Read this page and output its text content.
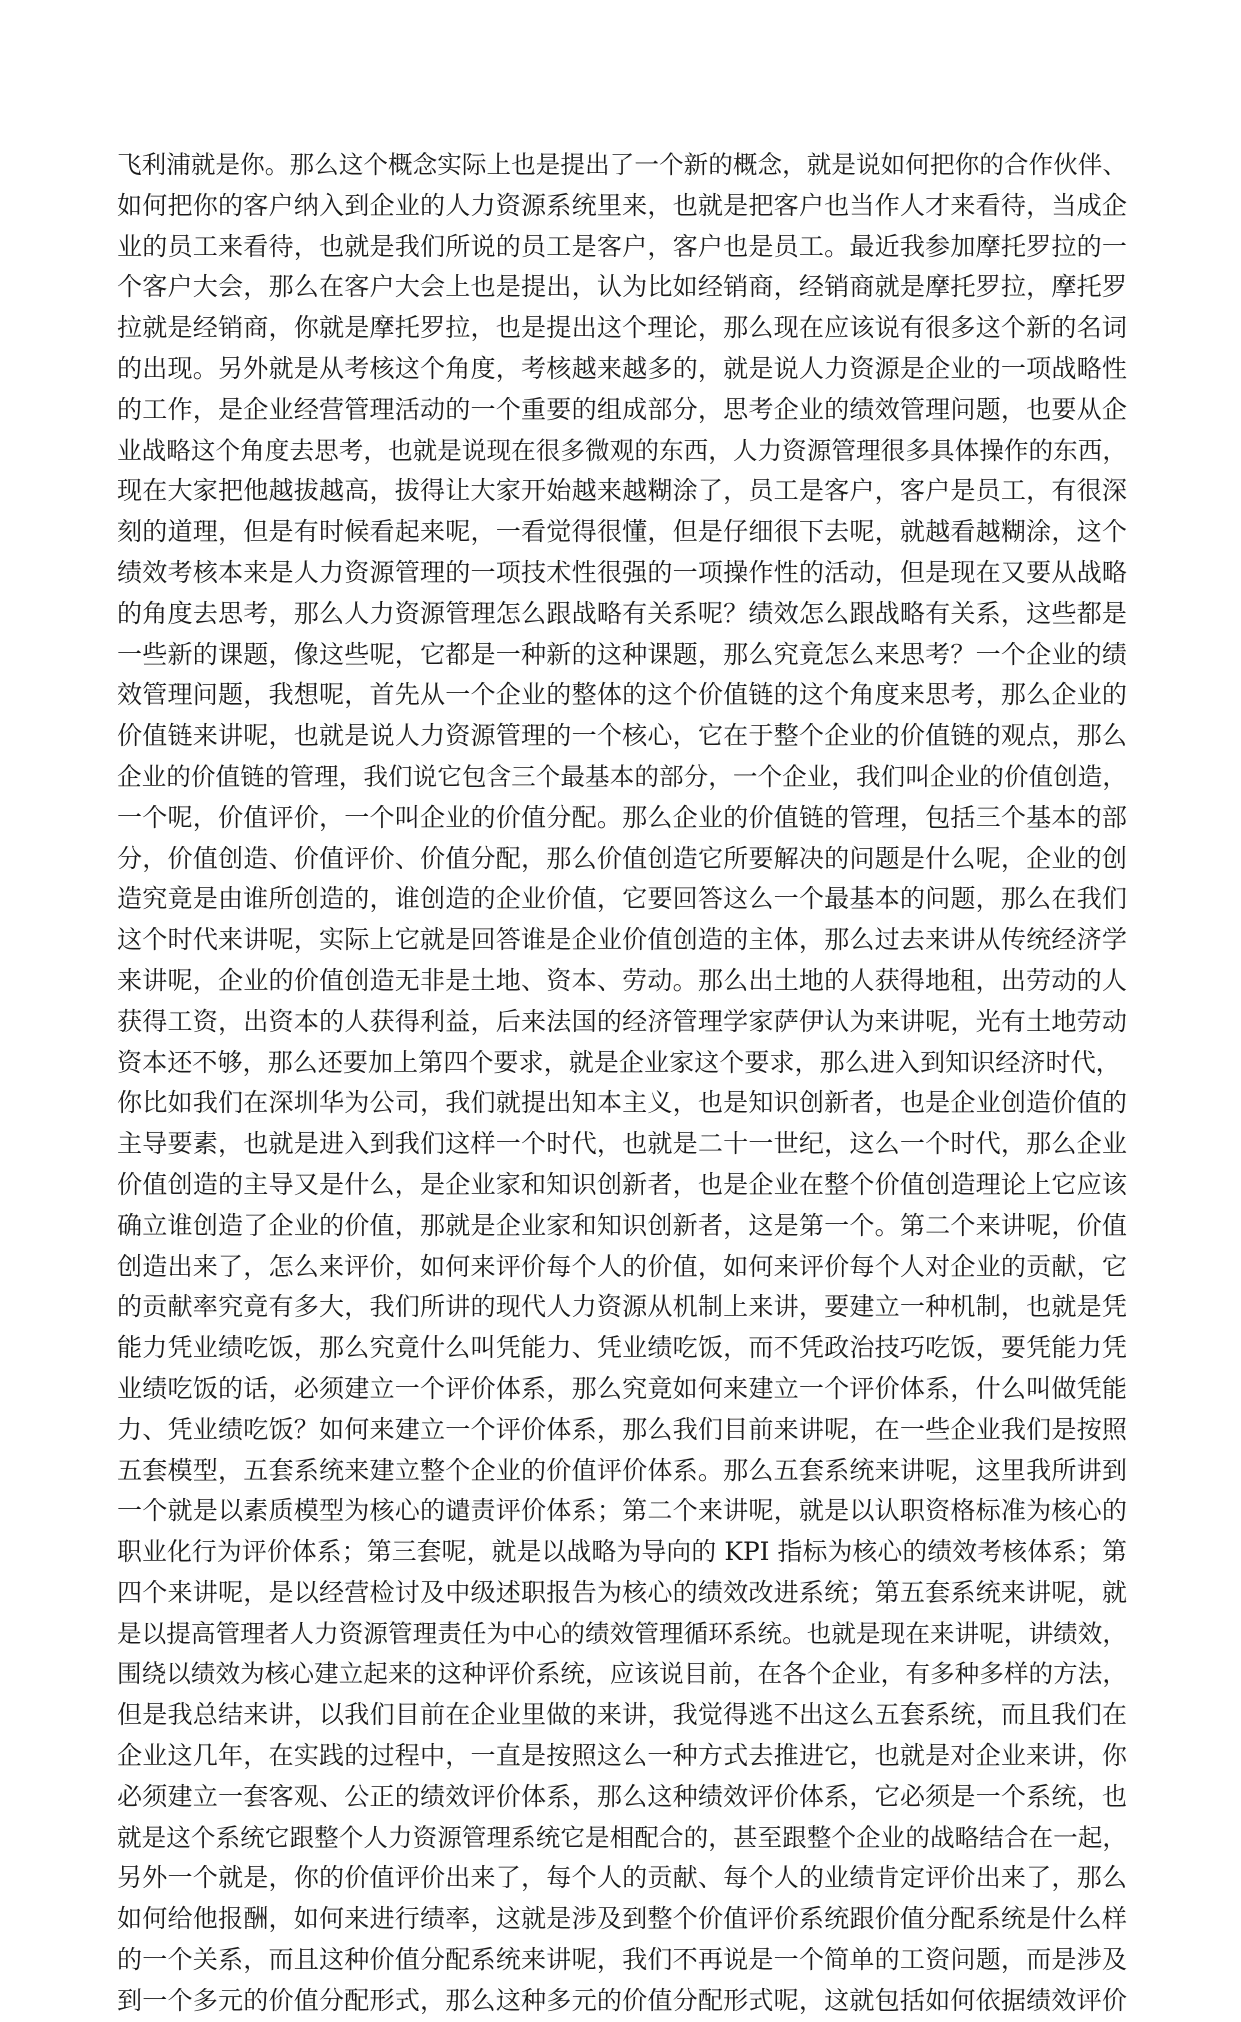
飞利浦就是你。那么这个概念实际上也是提出了一个新的概念，就是说如何把你的合作伙伴、
如何把你的客户纳入到企业的人力资源系统里来，也就是把客户也当作人才来看待，当成企
业的员工来看待，也就是我们所说的员工是客户，客户也是员工。最近我参加摩托罗拉的一
个客户大会，那么在客户大会上也是提出，认为比如经销商，经销商就是摩托罗拉，摩托罗
拉就是经销商，你就是摩托罗拉，也是提出这个理论，那么现在应该说有很多这个新的名词
的出现。另外就是从考核这个角度，考核越来越多的，就是说人力资源是企业的一项战略性
的工作，是企业经营管理活动的一个重要的组成部分，思考企业的绩效管理问题，也要从企
业战略这个角度去思考，也就是说现在很多微观的东西，人力资源管理很多具体操作的东西，
现在大家把他越拔越高，拔得让大家开始越来越糊涂了，员工是客户，客户是员工，有很深
刻的道理，但是有时候看起来呢，一看觉得很懂，但是仔细很下去呢，就越看越糊涂，这个
绩效考核本来是人力资源管理的一项技术性很强的一项操作性的活动，但是现在又要从战略
的角度去思考，那么人力资源管理怎么跟战略有关系呢？绩效怎么跟战略有关系，这些都是
一些新的课题，像这些呢，它都是一种新的这种课题，那么究竟怎么来思考？一个企业的绩
效管理问题，我想呢，首先从一个企业的整体的这个价值链的这个角度来思考，那么企业的
价值链来讲呢，也就是说人力资源管理的一个核心，它在于整个企业的价值链的观点，那么
企业的价值链的管理，我们说它包含三个最基本的部分，一个企业，我们叫企业的价值创造，
一个呢，价值评价，一个叫企业的价值分配。那么企业的价值链的管理，包括三个基本的部
分，价值创造、价值评价、价值分配，那么价值创造它所要解决的问题是什么呢，企业的创
造究竟是由谁所创造的，谁创造的企业价值，它要回答这么一个最基本的问题，那么在我们
这个时代来讲呢，实际上它就是回答谁是企业价值创造的主体，那么过去来讲从传统经济学
来讲呢，企业的价值创造无非是土地、资本、劳动。那么出土地的人获得地租，出劳动的人
获得工资，出资本的人获得利益，后来法国的经济管理学家萨伊认为来讲呢，光有土地劳动
资本还不够，那么还要加上第四个要求，就是企业家这个要求，那么进入到知识经济时代，
你比如我们在深圳华为公司，我们就提出知本主义，也是知识创新者，也是企业创造价值的
主导要素，也就是进入到我们这样一个时代，也就是二十一世纪，这么一个时代，那么企业
价值创造的主导又是什么，是企业家和知识创新者，也是企业在整个价值创造理论上它应该
确立谁创造了企业的价值，那就是企业家和知识创新者，这是第一个。第二个来讲呢，价值
创造出来了，怎么来评价，如何来评价每个人的价值，如何来评价每个人对企业的贡献，它
的贡献率究竟有多大，我们所讲的现代人力资源从机制上来讲，要建立一种机制，也就是凭
能力凭业绩吃饭，那么究竟什么叫凭能力、凭业绩吃饭，而不凭政治技巧吃饭，要凭能力凭
业绩吃饭的话，必须建立一个评价体系，那么究竟如何来建立一个评价体系，什么叫做凭能
力、凭业绩吃饭？如何来建立一个评价体系，那么我们目前来讲呢，在一些企业我们是按照
五套模型，五套系统来建立整个企业的价值评价体系。那么五套系统来讲呢，这里我所讲到
一个就是以素质模型为核心的谴责评价体系；第二个来讲呢，就是以认职资格标准为核心的
职业化行为评价体系；第三套呢，就是以战略为导向的 KPI 指标为核心的绩效考核体系；第
四个来讲呢，是以经营检讨及中级述职报告为核心的绩效改进系统；第五套系统来讲呢，就
是以提高管理者人力资源管理责任为中心的绩效管理循环系统。也就是现在来讲呢，讲绩效，
围绕以绩效为核心建立起来的这种评价系统，应该说目前，在各个企业，有多种多样的方法，
但是我总结来讲，以我们目前在企业里做的来讲，我觉得逃不出这么五套系统，而且我们在
企业这几年，在实践的过程中，一直是按照这么一种方式去推进它，也就是对企业来讲，你
必须建立一套客观、公正的绩效评价体系，那么这种绩效评价体系，它必须是一个系统，也
就是这个系统它跟整个人力资源管理系统它是相配合的，甚至跟整个企业的战略结合在一起，
另外一个就是，你的价值评价出来了，每个人的贡献、每个人的业绩肯定评价出来了，那么
如何给他报酬，如何来进行绩率，这就是涉及到整个价值评价系统跟价值分配系统是什么样
的一个关系，而且这种价值分配系统来讲呢，我们不再说是一个简单的工资问题，而是涉及
到一个多元的价值分配形式，那么这种多元的价值分配形式呢，这就包括如何依据绩效评价
